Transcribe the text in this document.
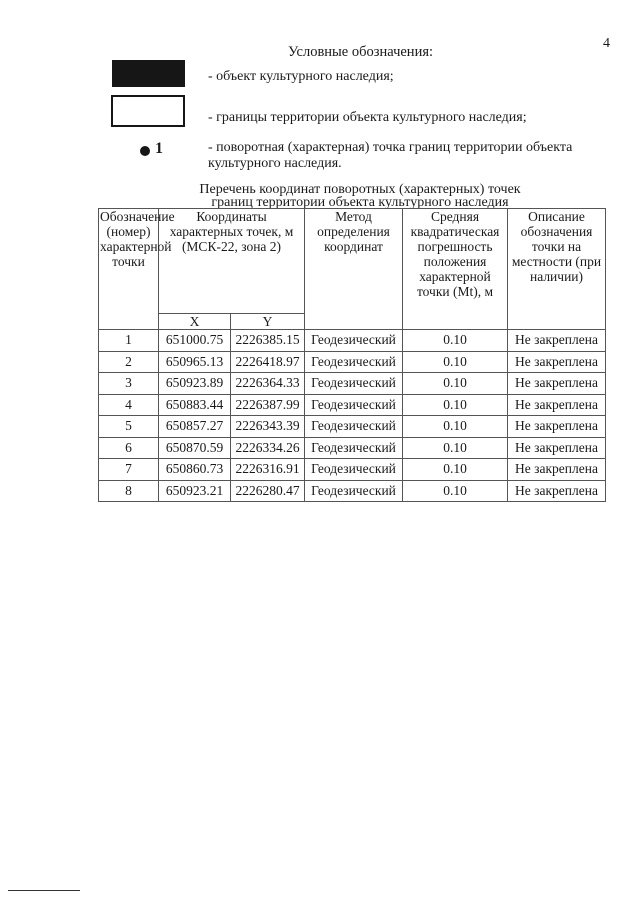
4
Условные обозначения:
- объект культурного наследия;
- границы территории объекта культурного наследия;
1	- поворотная (характерная) точка границ территории объекта культурного наследия.
Перечень координат поворотных (характерных) точек
границ территории объекта культурного наследия
Обозначение (номер) характерной точки	Координаты характерных точек, м (МСК-22, зона 2)		Метод определения координат	Средняя квадратическая погрешность положения характерной точки (Mt), м	Описание обозначения точки на местности (при наличии)
	X	Y			
1	651000.75	2226385.15	Геодезический	0.10	Не закреплена
2	650965.13	2226418.97	Геодезический	0.10	Не закреплена
3	650923.89	2226364.33	Геодезический	0.10	Не закреплена
4	650883.44	2226387.99	Геодезический	0.10	Не закреплена
5	650857.27	2226343.39	Геодезический	0.10	Не закреплена
6	650870.59	2226334.26	Геодезический	0.10	Не закреплена
7	650860.73	2226316.91	Геодезический	0.10	Не закреплена
8	650923.21	2226280.47	Геодезический	0.10	Не закреплена
